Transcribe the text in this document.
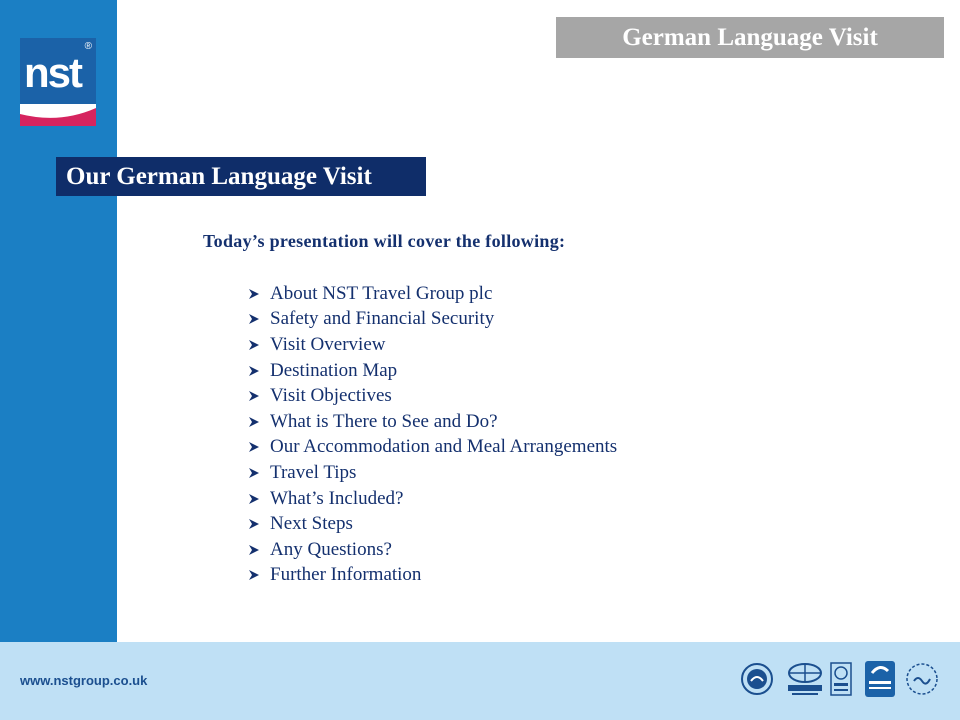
®
nst
German Language Visit
Our German Language Visit
Today’s presentation will cover the following:
About NST Travel Group plc
Safety and Financial Security
Visit Overview
Destination Map
Visit Objectives
What is There to See and Do?
Our Accommodation and Meal Arrangements
Travel Tips
What’s Included?
Next Steps
Any Questions?
Further Information
www.nstgroup.co.uk
